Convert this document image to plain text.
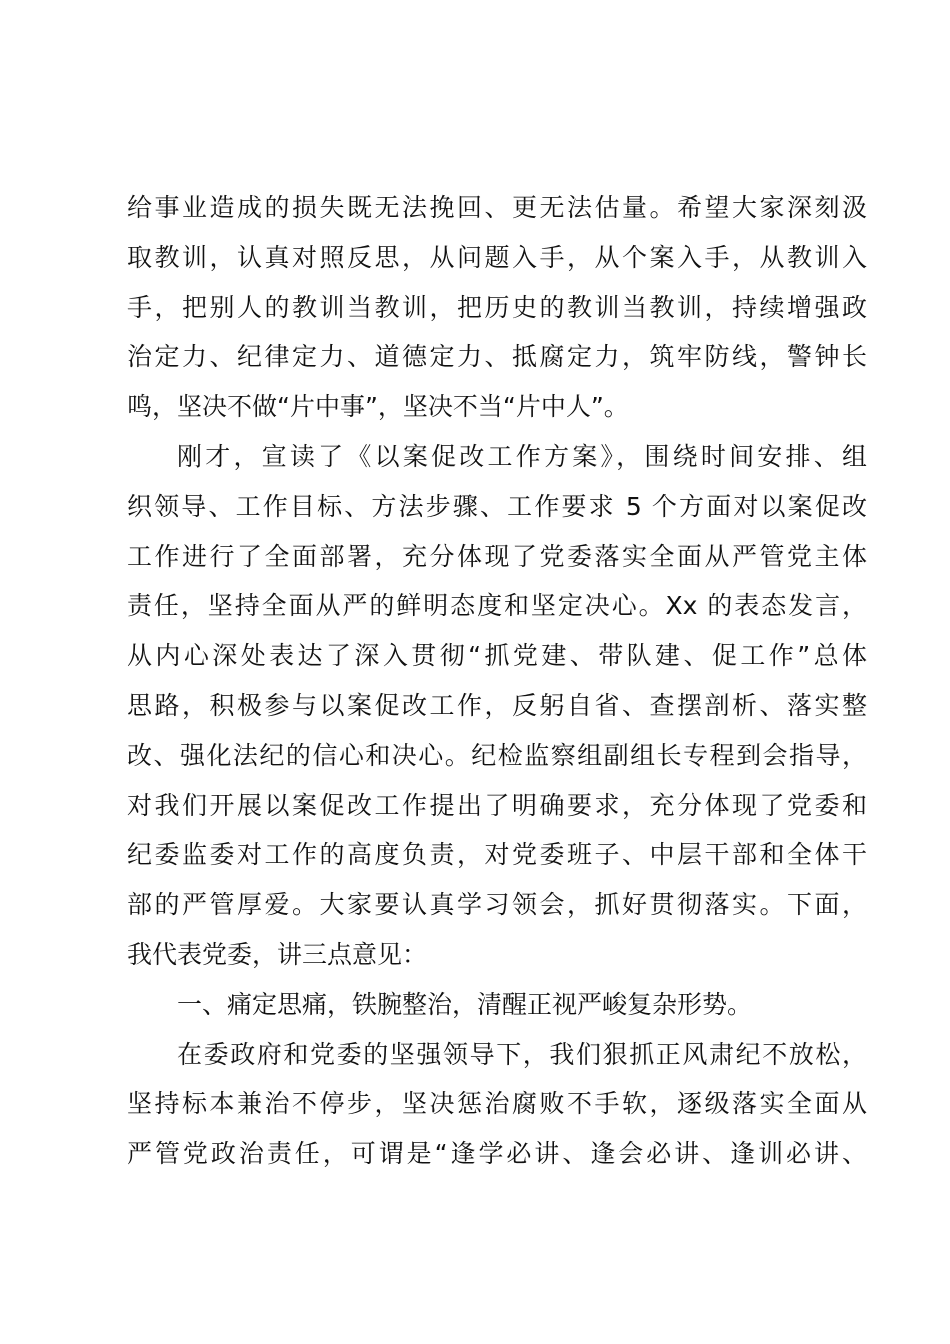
给事业造成的损失既无法挽回、更无法估量。希望大家深刻汲
取教训，认真对照反思，从问题入手，从个案入手，从教训入
手，把别人的教训当教训，把历史的教训当教训，持续增强政
治定力、纪律定力、道德定力、抵腐定力，筑牢防线，警钟长
鸣，坚决不做“片中事”，坚决不当“片中人”。
刚才，宣读了《以案促改工作方案》，围绕时间安排、组
织领导、工作目标、方法步骤、工作要求 5 个方面对以案促改
工作进行了全面部署，充分体现了党委落实全面从严管党主体
责任，坚持全面从严的鲜明态度和坚定决心。Xx 的表态发言，
从内心深处表达了深入贯彻“抓党建、带队建、促工作”总体
思路，积极参与以案促改工作，反躬自省、查摆剖析、落实整
改、强化法纪的信心和决心。纪检监察组副组长专程到会指导，
对我们开展以案促改工作提出了明确要求，充分体现了党委和
纪委监委对工作的高度负责，对党委班子、中层干部和全体干
部的严管厚爱。大家要认真学习领会，抓好贯彻落实。下面，
我代表党委，讲三点意见：
一、痛定思痛，铁腕整治，清醒正视严峻复杂形势。
在委政府和党委的坚强领导下，我们狠抓正风肃纪不放松，
坚持标本兼治不停步，坚决惩治腐败不手软，逐级落实全面从
严管党政治责任，可谓是“逢学必讲、逢会必讲、逢训必讲、
